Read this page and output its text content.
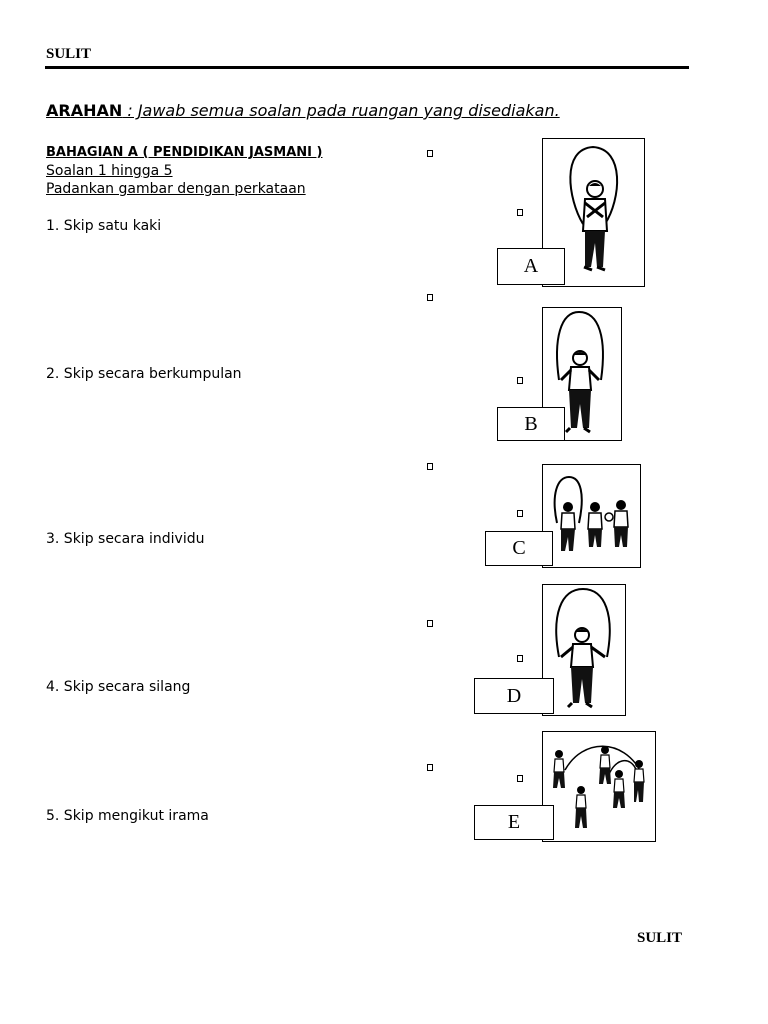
SULIT
ARAHAN : Jawab semua soalan pada ruangan yang disediakan.
BAHAGIAN A ( PENDIDIKAN JASMANI )
Soalan 1 hingga 5
Padankan gambar dengan perkataan
1. Skip satu kaki
2. Skip secara berkumpulan
3. Skip secara individu
4. Skip secara silang
5. Skip mengikut irama
A
B
C
D
E
SULIT
